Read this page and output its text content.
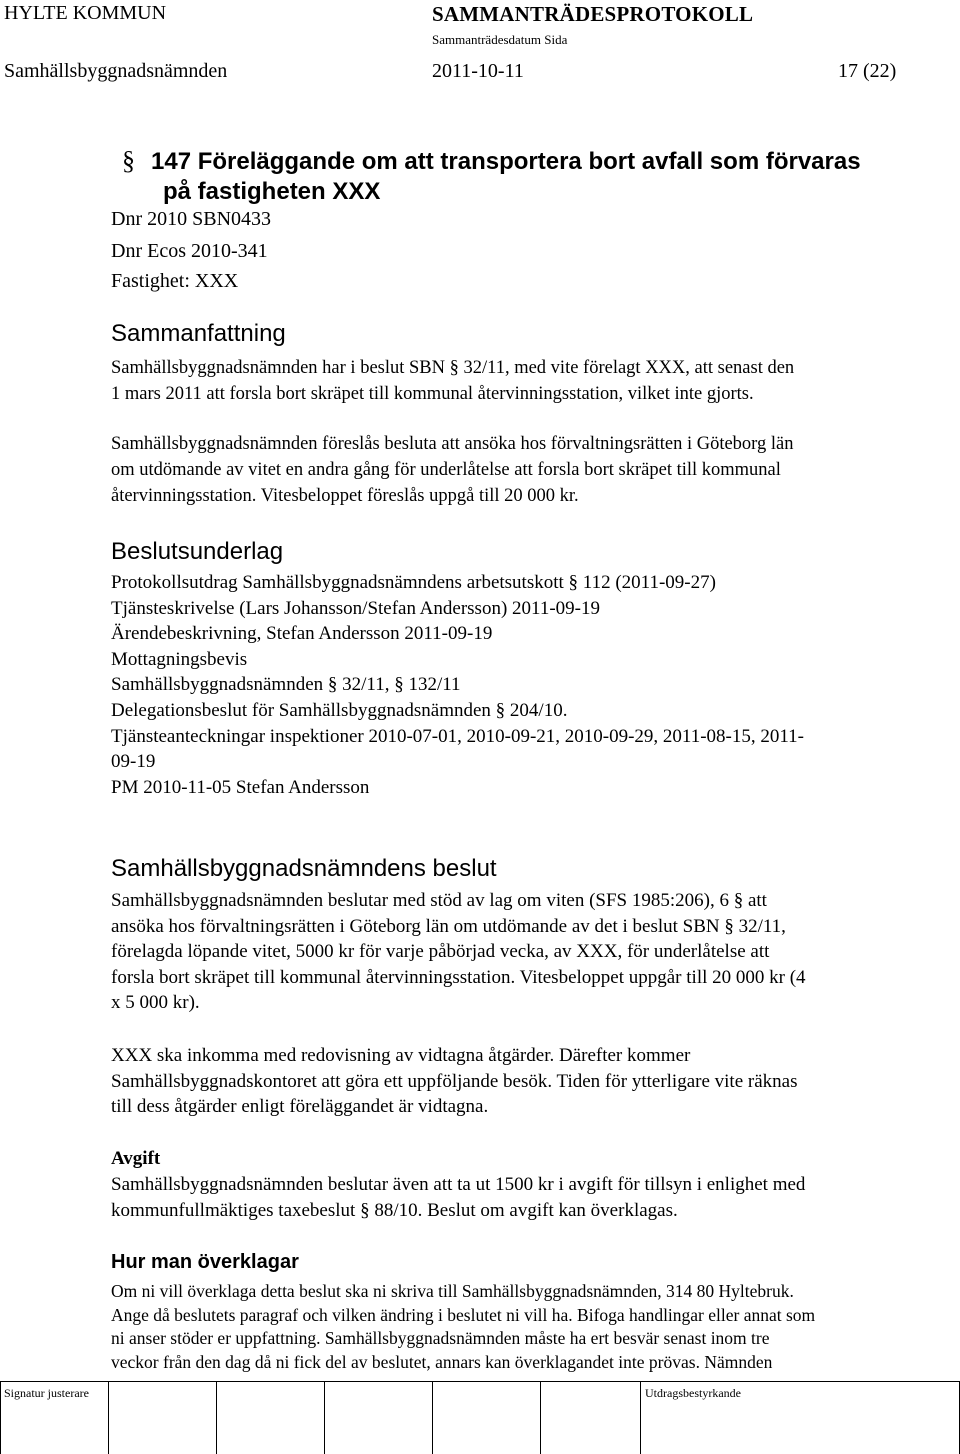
HYLTE KOMMUN	SAMMANTRÄDESPROTOKOLL
Sammanträdesdatum Sida
Samhällsbyggnadsnämnden	2011-10-11	17 (22)
§ 147 Föreläggande om att transportera bort avfall som förvaras
på fastigheten XXX
Dnr 2010 SBN0433
Dnr Ecos 2010-341
Fastighet: XXX
Sammanfattning
Samhällsbyggnadsnämnden har i beslut SBN § 32/11, med vite förelagt XXX, att senast den
1 mars 2011 att forsla bort skräpet till kommunal återvinningsstation, vilket inte gjorts.
Samhällsbyggnadsnämnden föreslås besluta att ansöka hos förvaltningsrätten i Göteborg län
om utdömande av vitet en andra gång för underlåtelse att forsla bort skräpet till kommunal
återvinningsstation. Vitesbeloppet föreslås uppgå till 20 000 kr.
Beslutsunderlag
Protokollsutdrag Samhällsbyggnadsnämndens arbetsutskott § 112 (2011-09-27)
Tjänsteskrivelse (Lars Johansson/Stefan Andersson) 2011-09-19
Ärendebeskrivning, Stefan Andersson 2011-09-19
Mottagningsbevis
Samhällsbyggnadsnämnden § 32/11, § 132/11
Delegationsbeslut för Samhällsbyggnadsnämnden § 204/10.
Tjänsteanteckningar inspektioner 2010-07-01, 2010-09-21, 2010-09-29, 2011-08-15, 2011-
09-19
PM 2010-11-05 Stefan Andersson
Samhällsbyggnadsnämndens beslut
Samhällsbyggnadsnämnden beslutar med stöd av lag om viten (SFS 1985:206), 6 § att
ansöka hos förvaltningsrätten i Göteborg län om utdömande av det i beslut SBN § 32/11,
förelagda löpande vitet, 5000 kr för varje påbörjad vecka, av XXX, för underlåtelse att
forsla bort skräpet till kommunal återvinningsstation. Vitesbeloppet uppgår till 20 000 kr (4
x 5 000 kr).
XXX ska inkomma med redovisning av vidtagna åtgärder. Därefter kommer
Samhällsbyggnadskontoret att göra ett uppföljande besök. Tiden för ytterligare vite räknas
till dess åtgärder enligt föreläggandet är vidtagna.
Avgift
Samhällsbyggnadsnämnden beslutar även att ta ut 1500 kr i avgift för tillsyn i enlighet med
kommunfullmäktiges taxebeslut § 88/10. Beslut om avgift kan överklagas.
Hur man överklagar
Om ni vill överklaga detta beslut ska ni skriva till Samhällsbyggnadsnämnden, 314 80 Hyltebruk.
Ange då beslutets paragraf och vilken ändring i beslutet ni vill ha. Bifoga handlingar eller annat som
ni anser stöder er uppfattning. Samhällsbyggnadsnämnden måste ha ert besvär senast inom tre
veckor från den dag då ni fick del av beslutet, annars kan överklagandet inte prövas. Nämnden
Signatur justerare	Utdragsbestyrkande
